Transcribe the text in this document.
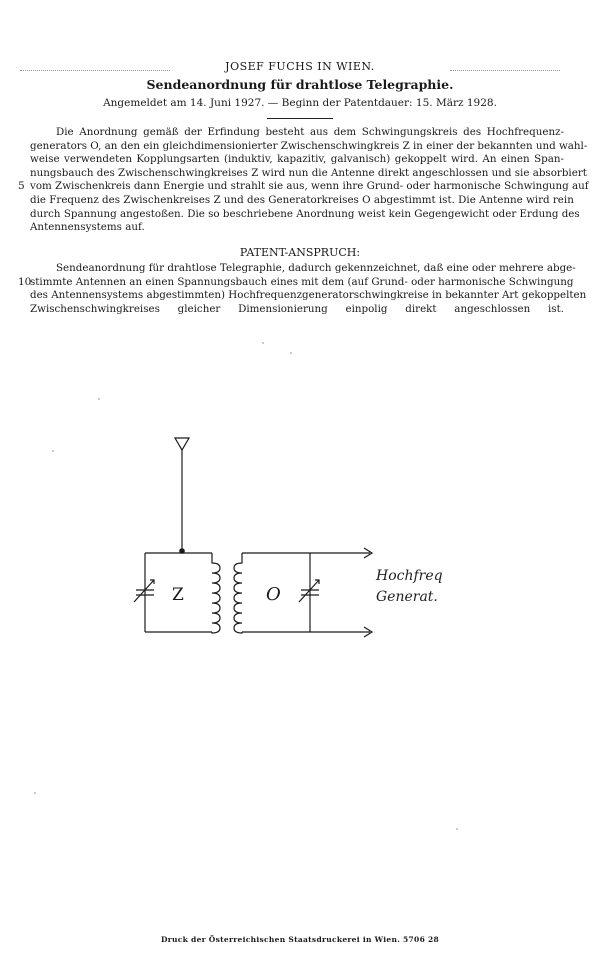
JOSEF FUCHS IN WIEN.
Sendeanordnung für drahtlose Telegraphie.
Angemeldet am 14. Juni 1927. — Beginn der Patentdauer: 15. März 1928.
Die Anordnung gemäß der Erfindung besteht aus dem Schwingungskreis des Hochfrequenz-
generators O, an den ein gleichdimensionierter Zwischenschwingkreis Z in einer der bekannten und wahl-
weise verwendeten Kopplungsarten (induktiv, kapazitiv, galvanisch) gekoppelt wird. An einen Span-
nungsbauch des Zwischenschwingkreises Z wird nun die Antenne direkt angeschlossen und sie absorbiert
vom Zwischenkreis dann Energie und strahlt sie aus, wenn ihre Grund- oder harmonische Schwingung auf
die Frequenz des Zwischenkreises Z und des Generatorkreises O abgestimmt ist. Die Antenne wird rein
durch Spannung angestoßen. Die so beschriebene Anordnung weist kein Gegengewicht oder Erdung des
Antennensystems auf.
5
PATENT-ANSPRUCH:
Sendeanordnung für drahtlose Telegraphie, dadurch gekennzeichnet, daß eine oder mehrere abge-
stimmte Antennen an einen Spannungsbauch eines mit dem (auf Grund- oder harmonische Schwingung
des Antennensystems abgestimmten) Hochfrequenzgeneratorschwingkreise in bekannter Art gekoppelten
Zwischenschwingkreises gleicher Dimensionierung einpolig direkt angeschlossen ist.
10
Z	O
Hochfreq
Generat.
Druck der Österreichischen Staatsdruckerei in Wien. 5706 28
